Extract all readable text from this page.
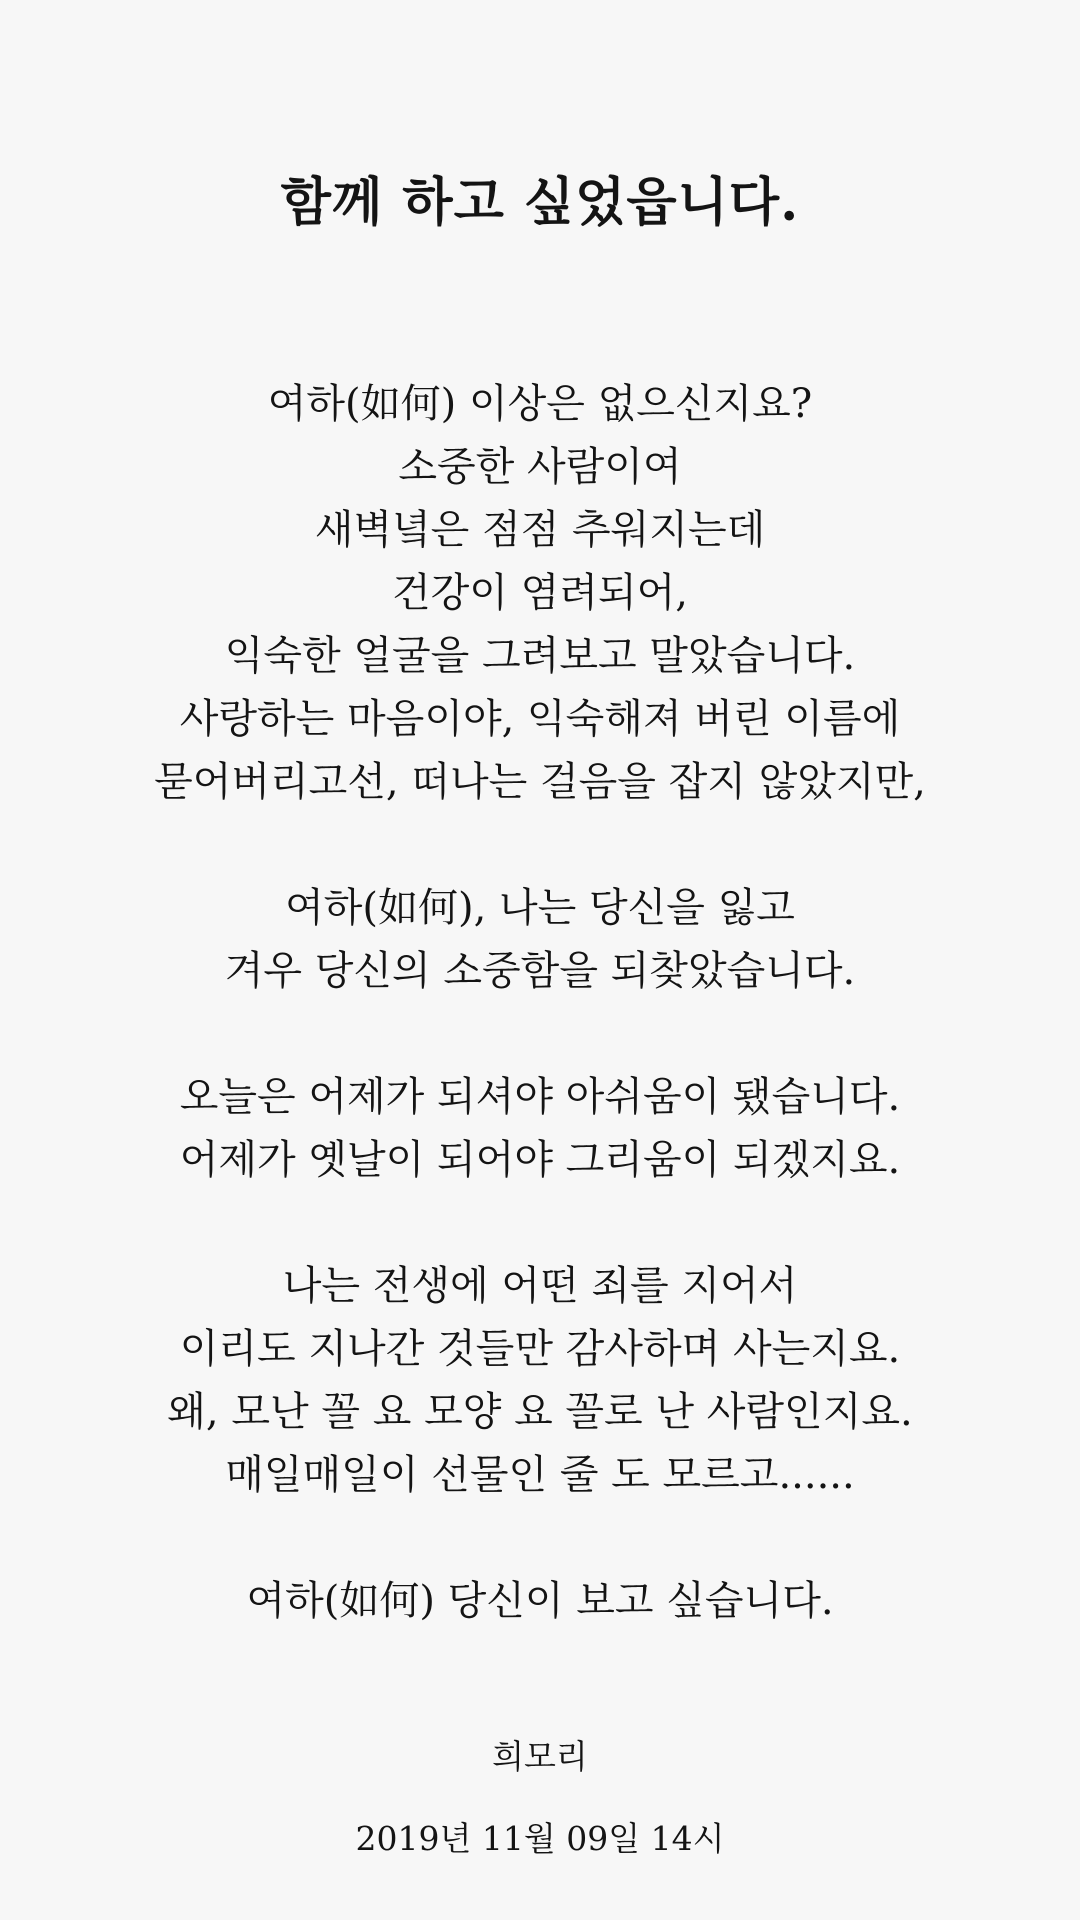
함께 하고 싶었읍니다.
여하(如何) 이상은 없으신지요?
소중한 사람이여
새벽녘은 점점 추워지는데
건강이 염려되어,
익숙한 얼굴을 그려보고 말았습니다.
사랑하는 마음이야, 익숙해져 버린 이름에
묻어버리고선, 떠나는 걸음을 잡지 않았지만,
여하(如何), 나는 당신을 잃고
겨우 당신의 소중함을 되찾았습니다.
오늘은 어제가 되셔야 아쉬움이 됐습니다.
어제가 옛날이 되어야 그리움이 되겠지요.
나는 전생에 어떤 죄를 지어서
이리도 지나간 것들만 감사하며 사는지요.
왜, 모난 꼴 요 모양 요 꼴로 난 사람인지요.
매일매일이 선물인 줄 도 모르고......
여하(如何) 당신이 보고 싶습니다.
희모리
2019년 11월 09일 14시
